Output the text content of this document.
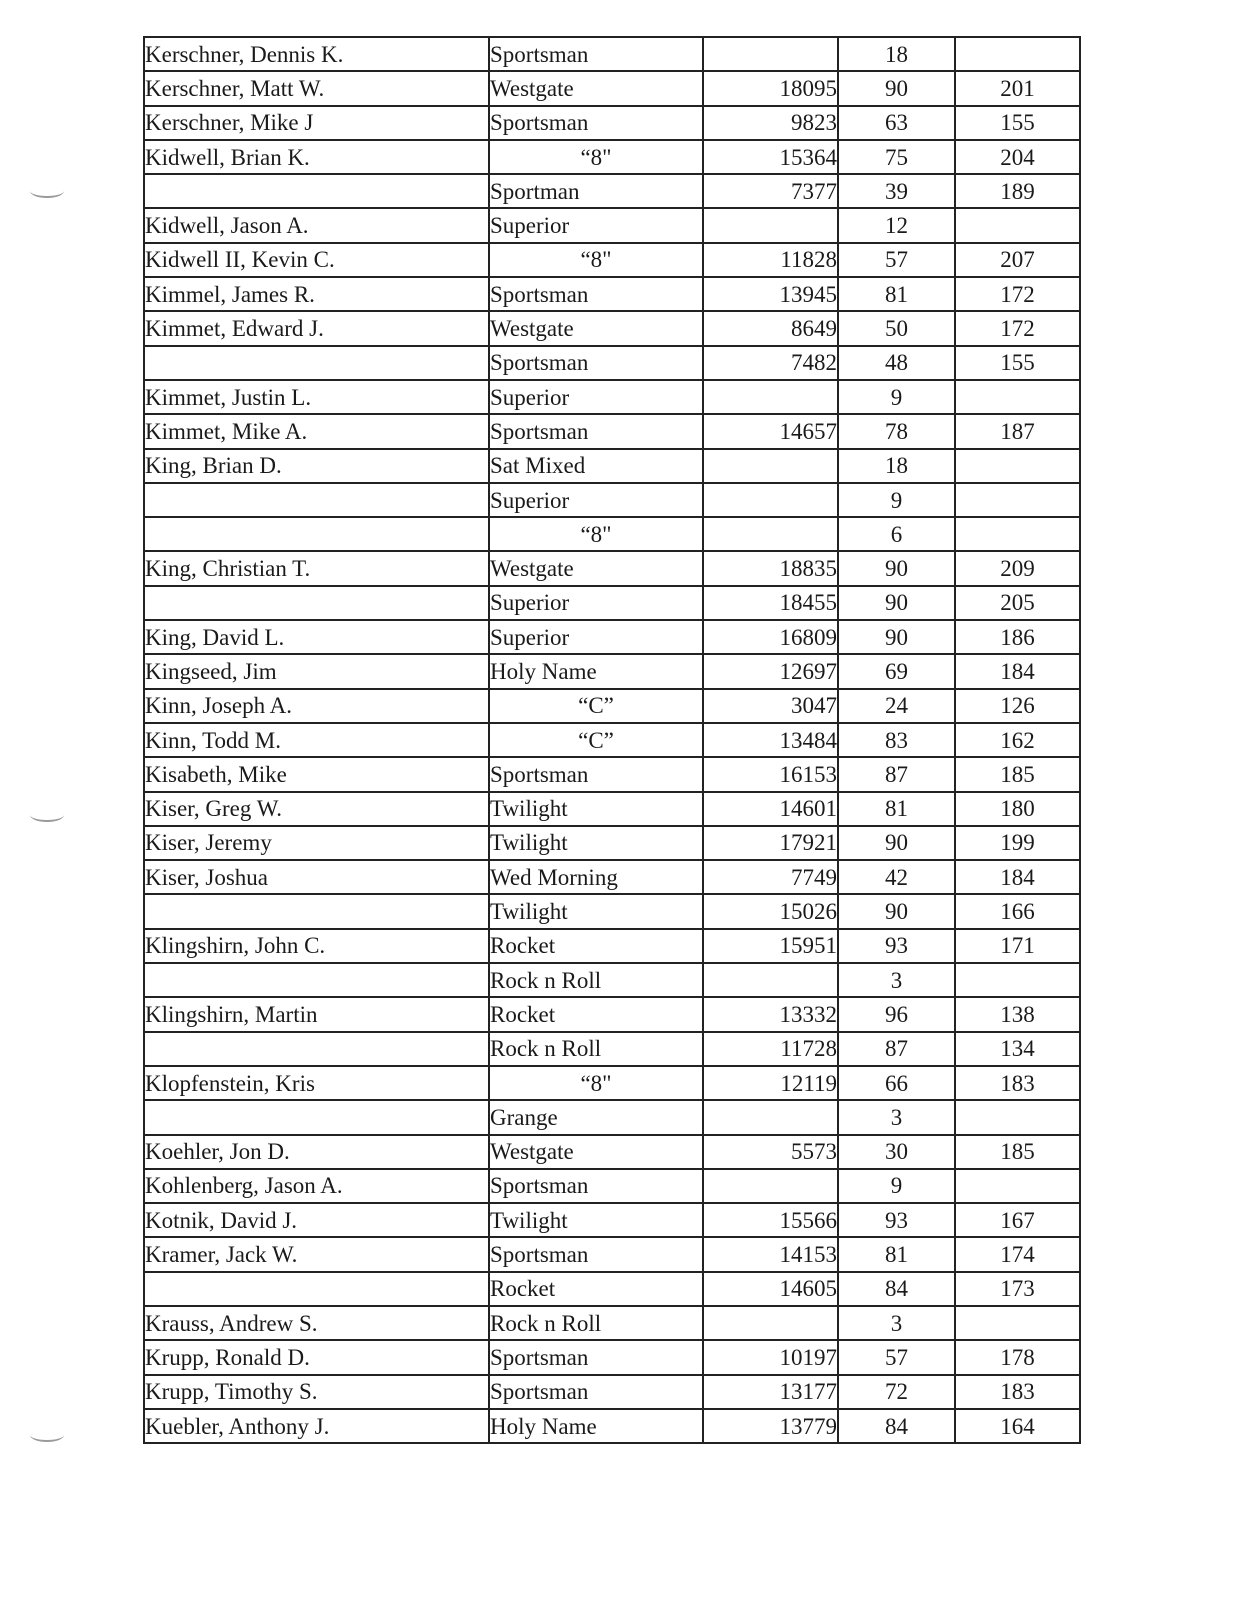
Kerschner, Dennis K.	Sportsman		18	
Kerschner, Matt W.	Westgate	18095	90	201
Kerschner, Mike J	Sportsman	9823	63	155
Kidwell, Brian K.	“8"	15364	75	204
	Sportman	7377	39	189
Kidwell, Jason A.	Superior		12	
Kidwell II, Kevin C.	“8"	11828	57	207
Kimmel, James R.	Sportsman	13945	81	172
Kimmet, Edward J.	Westgate	8649	50	172
	Sportsman	7482	48	155
Kimmet, Justin L.	Superior		9	
Kimmet, Mike A.	Sportsman	14657	78	187
King, Brian D.	Sat Mixed		18	
	Superior		9	
	“8"		6	
King, Christian T.	Westgate	18835	90	209
	Superior	18455	90	205
King, David L.	Superior	16809	90	186
Kingseed, Jim	Holy Name	12697	69	184
Kinn, Joseph A.	“C”	3047	24	126
Kinn, Todd M.	“C”	13484	83	162
Kisabeth, Mike	Sportsman	16153	87	185
Kiser, Greg W.	Twilight	14601	81	180
Kiser, Jeremy	Twilight	17921	90	199
Kiser, Joshua	Wed Morning	7749	42	184
	Twilight	15026	90	166
Klingshirn, John C.	Rocket	15951	93	171
	Rock n Roll		3	
Klingshirn, Martin	Rocket	13332	96	138
	Rock n Roll	11728	87	134
Klopfenstein, Kris	“8"	12119	66	183
	Grange		3	
Koehler, Jon D.	Westgate	5573	30	185
Kohlenberg, Jason A.	Sportsman		9	
Kotnik, David J.	Twilight	15566	93	167
Kramer, Jack W.	Sportsman	14153	81	174
	Rocket	14605	84	173
Krauss, Andrew S.	Rock n Roll		3	
Krupp, Ronald D.	Sportsman	10197	57	178
Krupp, Timothy S.	Sportsman	13177	72	183
Kuebler, Anthony J.	Holy Name	13779	84	164
